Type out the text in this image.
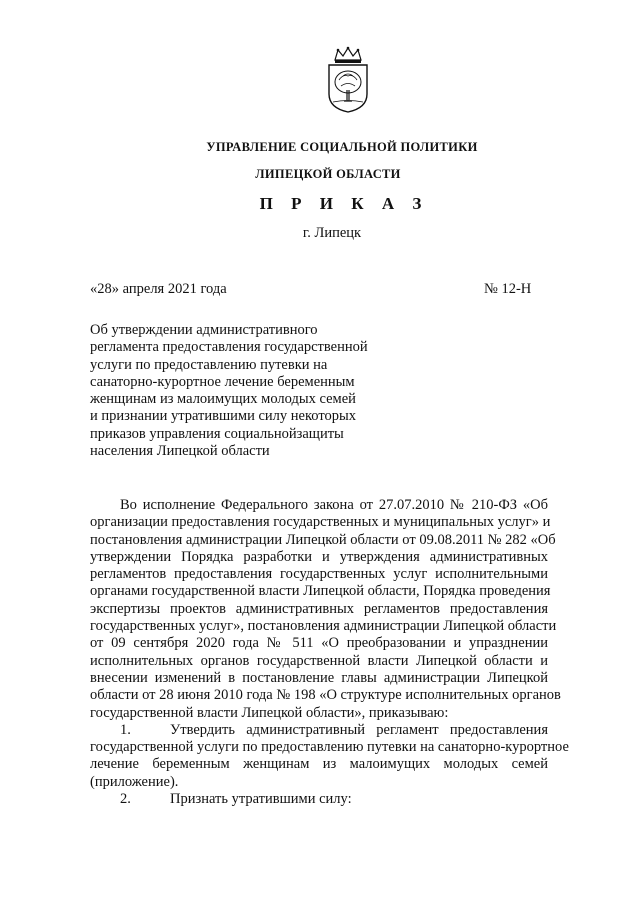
УПРАВЛЕНИЕ СОЦИАЛЬНОЙ ПОЛИТИКИ
ЛИПЕЦКОЙ ОБЛАСТИ
П Р И К А З
г. Липецк
«28» апреля 2021 года	№ 12-Н
Об утверждении административного
регламента предоставления государственной
услуги по предоставлению путевки на
санаторно-курортное лечение беременным
женщинам из малоимущих молодых семей
и признании утратившими силу некоторых
приказов управления социальнойзащиты
населения Липецкой области
Во исполнение Федерального закона от 27.07.2010 № 210-ФЗ «Об
организации предоставления государственных и муниципальных услуг» и
постановления администрации Липецкой области от 09.08.2011 № 282 «Об
утверждении Порядка разработки и утверждения административных
регламентов предоставления государственных услуг исполнительными
органами государственной власти Липецкой области, Порядка проведения
экспертизы проектов административных регламентов предоставления
государственных услуг», постановления администрации Липецкой области
от 09 сентября 2020 года № 511 «О преобразовании и упразднении
исполнительных органов государственной власти Липецкой области и
внесении изменений в постановление главы администрации Липецкой
области от 28 июня 2010 года № 198 «О структуре исполнительных органов
государственной власти Липецкой области», приказываю:
1.	Утвердить административный регламент предоставления
государственной услуги по предоставлению путевки на санаторно-курортное
лечение беременным женщинам из малоимущих молодых семей
(приложение).
2.	Признать утратившими силу:
